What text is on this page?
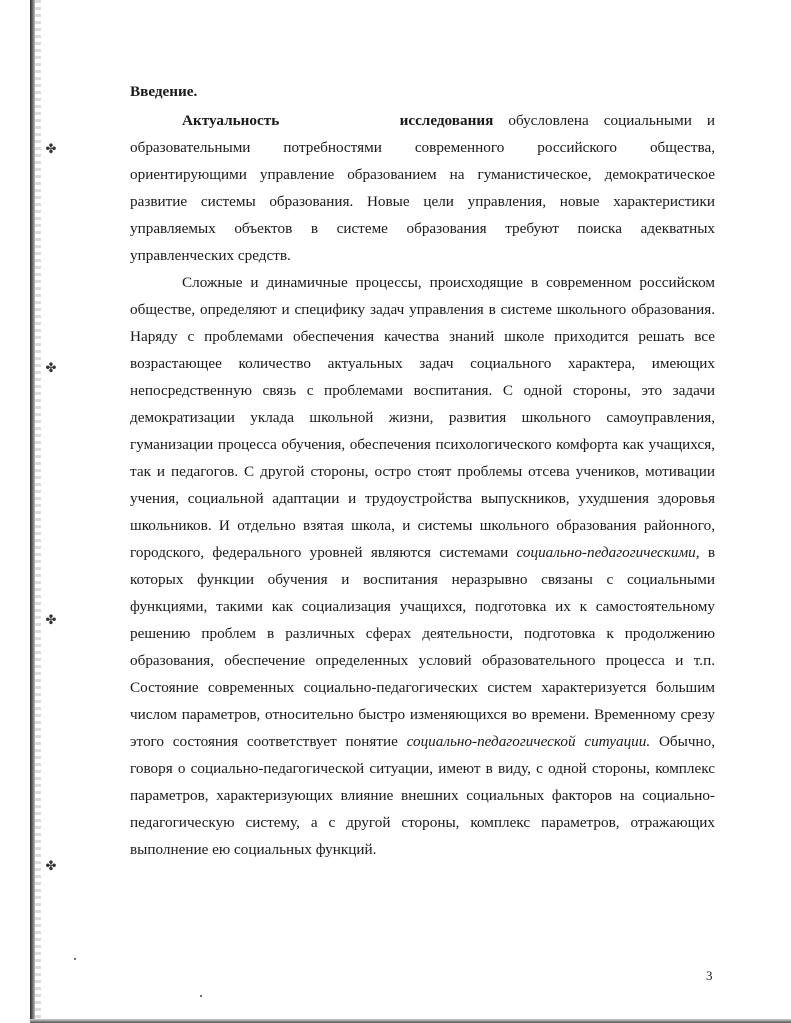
✤
✤
✤
✤
Введение.

Актуальность	исследования обусловлена социальными и образовательными потребностями современного российского общества, ориентирующими управление образованием на гуманистическое, демократическое развитие системы образования. Новые цели управления, новые характеристики управляемых объектов в системе образования требуют поиска адекватных управленческих средств.

Сложные и динамичные процессы, происходящие в современном российском обществе, определяют и специфику задач управления в системе школьного образования. Наряду с проблемами обеспечения качества знаний школе приходится решать все возрастающее количество актуальных задач социального характера, имеющих непосредственную связь с проблемами воспитания. С одной стороны, это задачи демократизации уклада школьной жизни, развития школьного самоуправления, гуманизации процесса обучения, обеспечения психологического комфорта как учащихся, так и педагогов. С другой стороны, остро стоят проблемы отсева учеников, мотивации учения, социальной адаптации и трудоустройства выпускников, ухудшения здоровья школьников. И отдельно взятая школа, и системы школьного образования районного, городского, федерального уровней являются системами социально-педагогическими, в которых функции обучения и воспитания неразрывно связаны с социальными функциями, такими как социализация учащихся, подготовка их к самостоятельному решению проблем в различных сферах деятельности, подготовка к продолжению образования, обеспечение определенных условий образовательного процесса и т.п. Состояние современных социально-педагогических систем характеризуется большим числом параметров, относительно быстро изменяющихся во времени. Временному срезу этого состояния соответствует понятие социально-педагогической ситуации. Обычно, говоря о социально-педагогической ситуации, имеют в виду, с одной стороны, комплекс параметров, характеризующих влияние внешних социальных факторов на социально-педагогическую систему, а с другой стороны, комплекс параметров, отражающих выполнение ею социальных функций.

3
